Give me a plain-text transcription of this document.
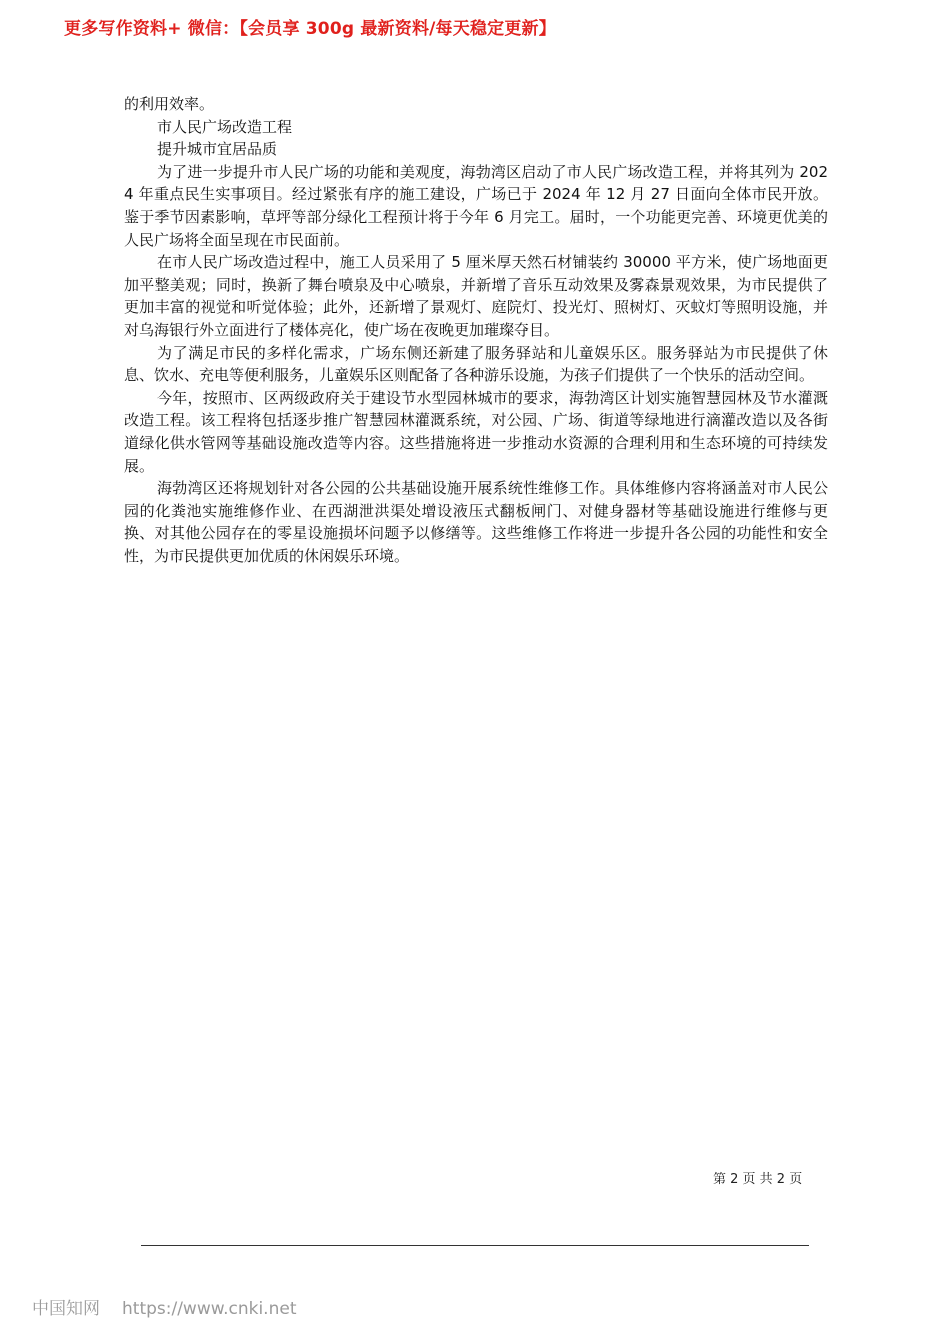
更多写作资料+ 微信：【会员享 300g 最新资料/每天稳定更新】

的利用效率。

市人民广场改造工程

提升城市宜居品质

为了进一步提升市人民广场的功能和美观度，海勃湾区启动了市人民广场改造工程，并将其列为 2024 年重点民生实事项目。经过紧张有序的施工建设，广场已于 2024 年 12 月 27 日面向全体市民开放。鉴于季节因素影响，草坪等部分绿化工程预计将于今年 6 月完工。届时，一个功能更完善、环境更优美的人民广场将全面呈现在市民面前。

在市人民广场改造过程中，施工人员采用了 5 厘米厚天然石材铺装约 30000 平方米，使广场地面更加平整美观；同时，换新了舞台喷泉及中心喷泉，并新增了音乐互动效果及雾森景观效果，为市民提供了更加丰富的视觉和听觉体验；此外，还新增了景观灯、庭院灯、投光灯、照树灯、灭蚊灯等照明设施，并对乌海银行外立面进行了楼体亮化，使广场在夜晚更加璀璨夺目。

为了满足市民的多样化需求，广场东侧还新建了服务驿站和儿童娱乐区。服务驿站为市民提供了休息、饮水、充电等便利服务，儿童娱乐区则配备了各种游乐设施，为孩子们提供了一个快乐的活动空间。

今年，按照市、区两级政府关于建设节水型园林城市的要求，海勃湾区计划实施智慧园林及节水灌溉改造工程。该工程将包括逐步推广智慧园林灌溉系统，对公园、广场、街道等绿地进行滴灌改造以及各街道绿化供水管网等基础设施改造等内容。这些措施将进一步推动水资源的合理利用和生态环境的可持续发展。

海勃湾区还将规划针对各公园的公共基础设施开展系统性维修工作。具体维修内容将涵盖对市人民公园的化粪池实施维修作业、在西湖泄洪渠处增设液压式翻板闸门、对健身器材等基础设施进行维修与更换、对其他公园存在的零星设施损坏问题予以修缮等。这些维修工作将进一步提升各公园的功能性和安全性，为市民提供更加优质的休闲娱乐环境。

第 2 页 共 2 页
中国知网 https://www.cnki.net
